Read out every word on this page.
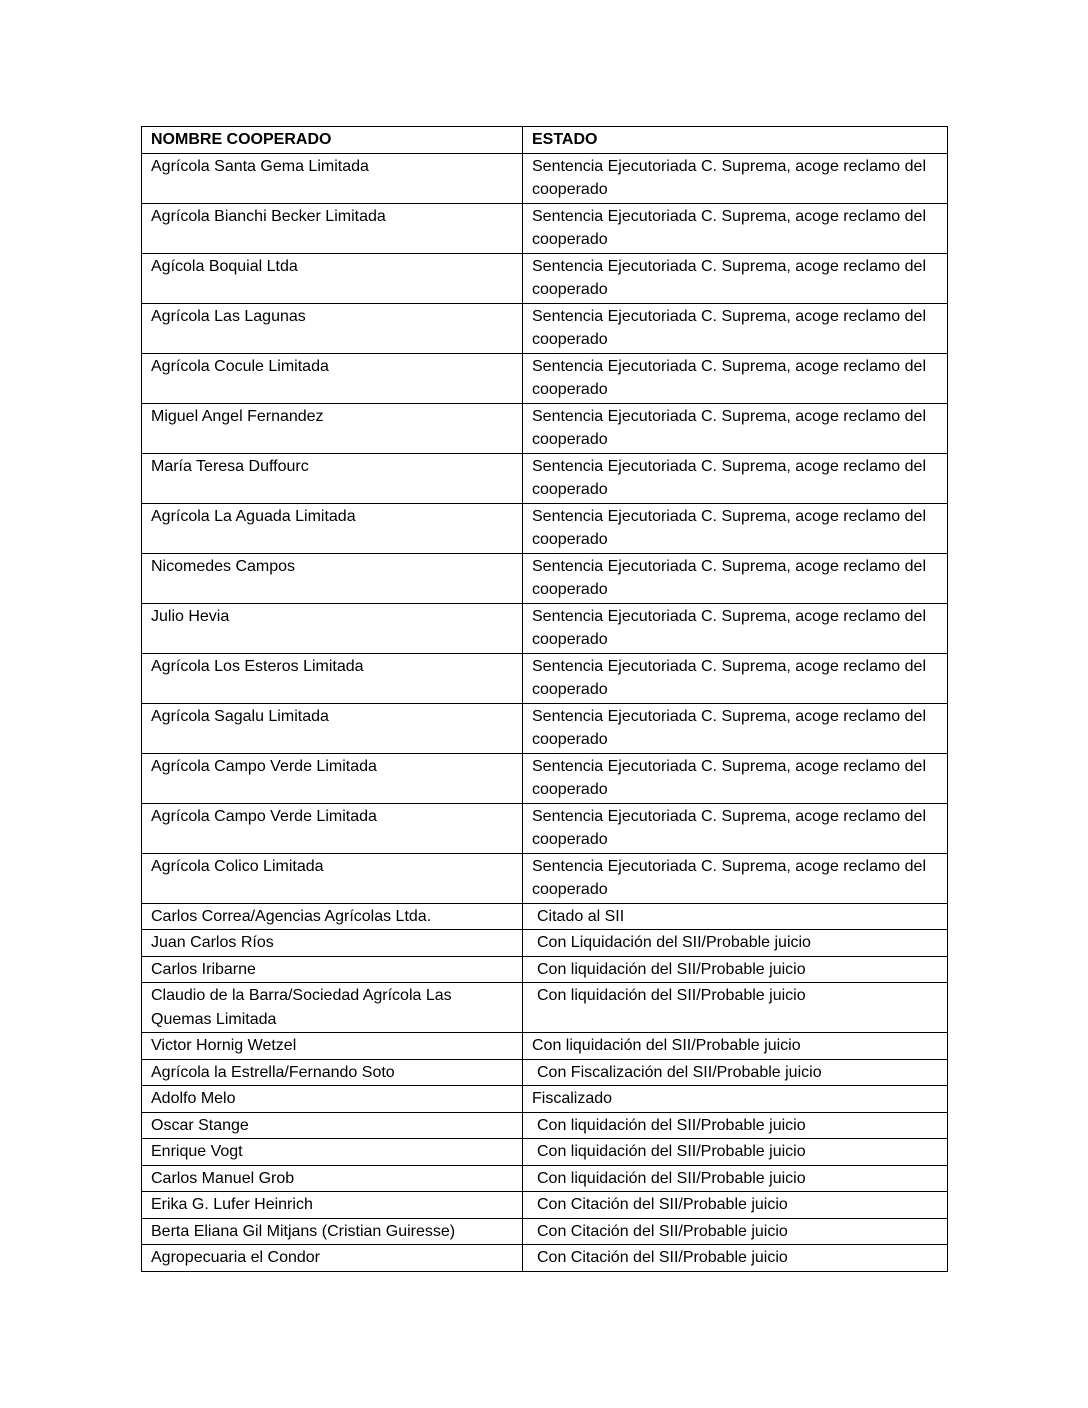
NOMBRE COOPERADO	ESTADO
Agrícola Santa Gema Limitada	Sentencia Ejecutoriada C. Suprema, acoge reclamo del cooperado
Agrícola Bianchi Becker Limitada	Sentencia Ejecutoriada C. Suprema, acoge reclamo del cooperado
Agícola Boquial Ltda	Sentencia Ejecutoriada C. Suprema, acoge reclamo del cooperado
Agrícola Las Lagunas	Sentencia Ejecutoriada C. Suprema, acoge reclamo del cooperado
Agrícola Cocule Limitada	Sentencia Ejecutoriada C. Suprema, acoge reclamo del cooperado
Miguel Angel Fernandez	Sentencia Ejecutoriada C. Suprema, acoge reclamo del cooperado
María Teresa Duffourc	Sentencia Ejecutoriada C. Suprema, acoge reclamo del cooperado
Agrícola La Aguada Limitada	Sentencia Ejecutoriada C. Suprema, acoge reclamo del cooperado
Nicomedes Campos	Sentencia Ejecutoriada C. Suprema, acoge reclamo del cooperado
Julio Hevia	Sentencia Ejecutoriada C. Suprema, acoge reclamo del cooperado
Agrícola Los Esteros Limitada	Sentencia Ejecutoriada C. Suprema, acoge reclamo del cooperado
Agrícola Sagalu Limitada	Sentencia Ejecutoriada C. Suprema, acoge reclamo del cooperado
Agrícola Campo Verde Limitada	Sentencia Ejecutoriada C. Suprema, acoge reclamo del cooperado
Agrícola Campo Verde Limitada	Sentencia Ejecutoriada C. Suprema, acoge reclamo del cooperado
Agrícola Colico Limitada	Sentencia Ejecutoriada C. Suprema, acoge reclamo del cooperado
Carlos Correa/Agencias Agrícolas Ltda.	Citado al SII
Juan Carlos Ríos	Con Liquidación del SII/Probable juicio
Carlos Iribarne	Con liquidación del SII/Probable juicio
Claudio de la Barra/Sociedad Agrícola Las Quemas Limitada	Con liquidación del SII/Probable juicio
Victor Hornig Wetzel	Con liquidación del SII/Probable juicio
Agrícola la Estrella/Fernando Soto	Con Fiscalización del SII/Probable juicio
Adolfo Melo	Fiscalizado
Oscar Stange	Con liquidación del SII/Probable juicio
Enrique Vogt	Con liquidación del SII/Probable juicio
Carlos Manuel Grob	Con liquidación del SII/Probable juicio
Erika G. Lufer Heinrich	Con Citación del SII/Probable juicio
Berta Eliana Gil Mitjans (Cristian Guiresse)	Con Citación del SII/Probable juicio
Agropecuaria el Condor	Con Citación del SII/Probable juicio
